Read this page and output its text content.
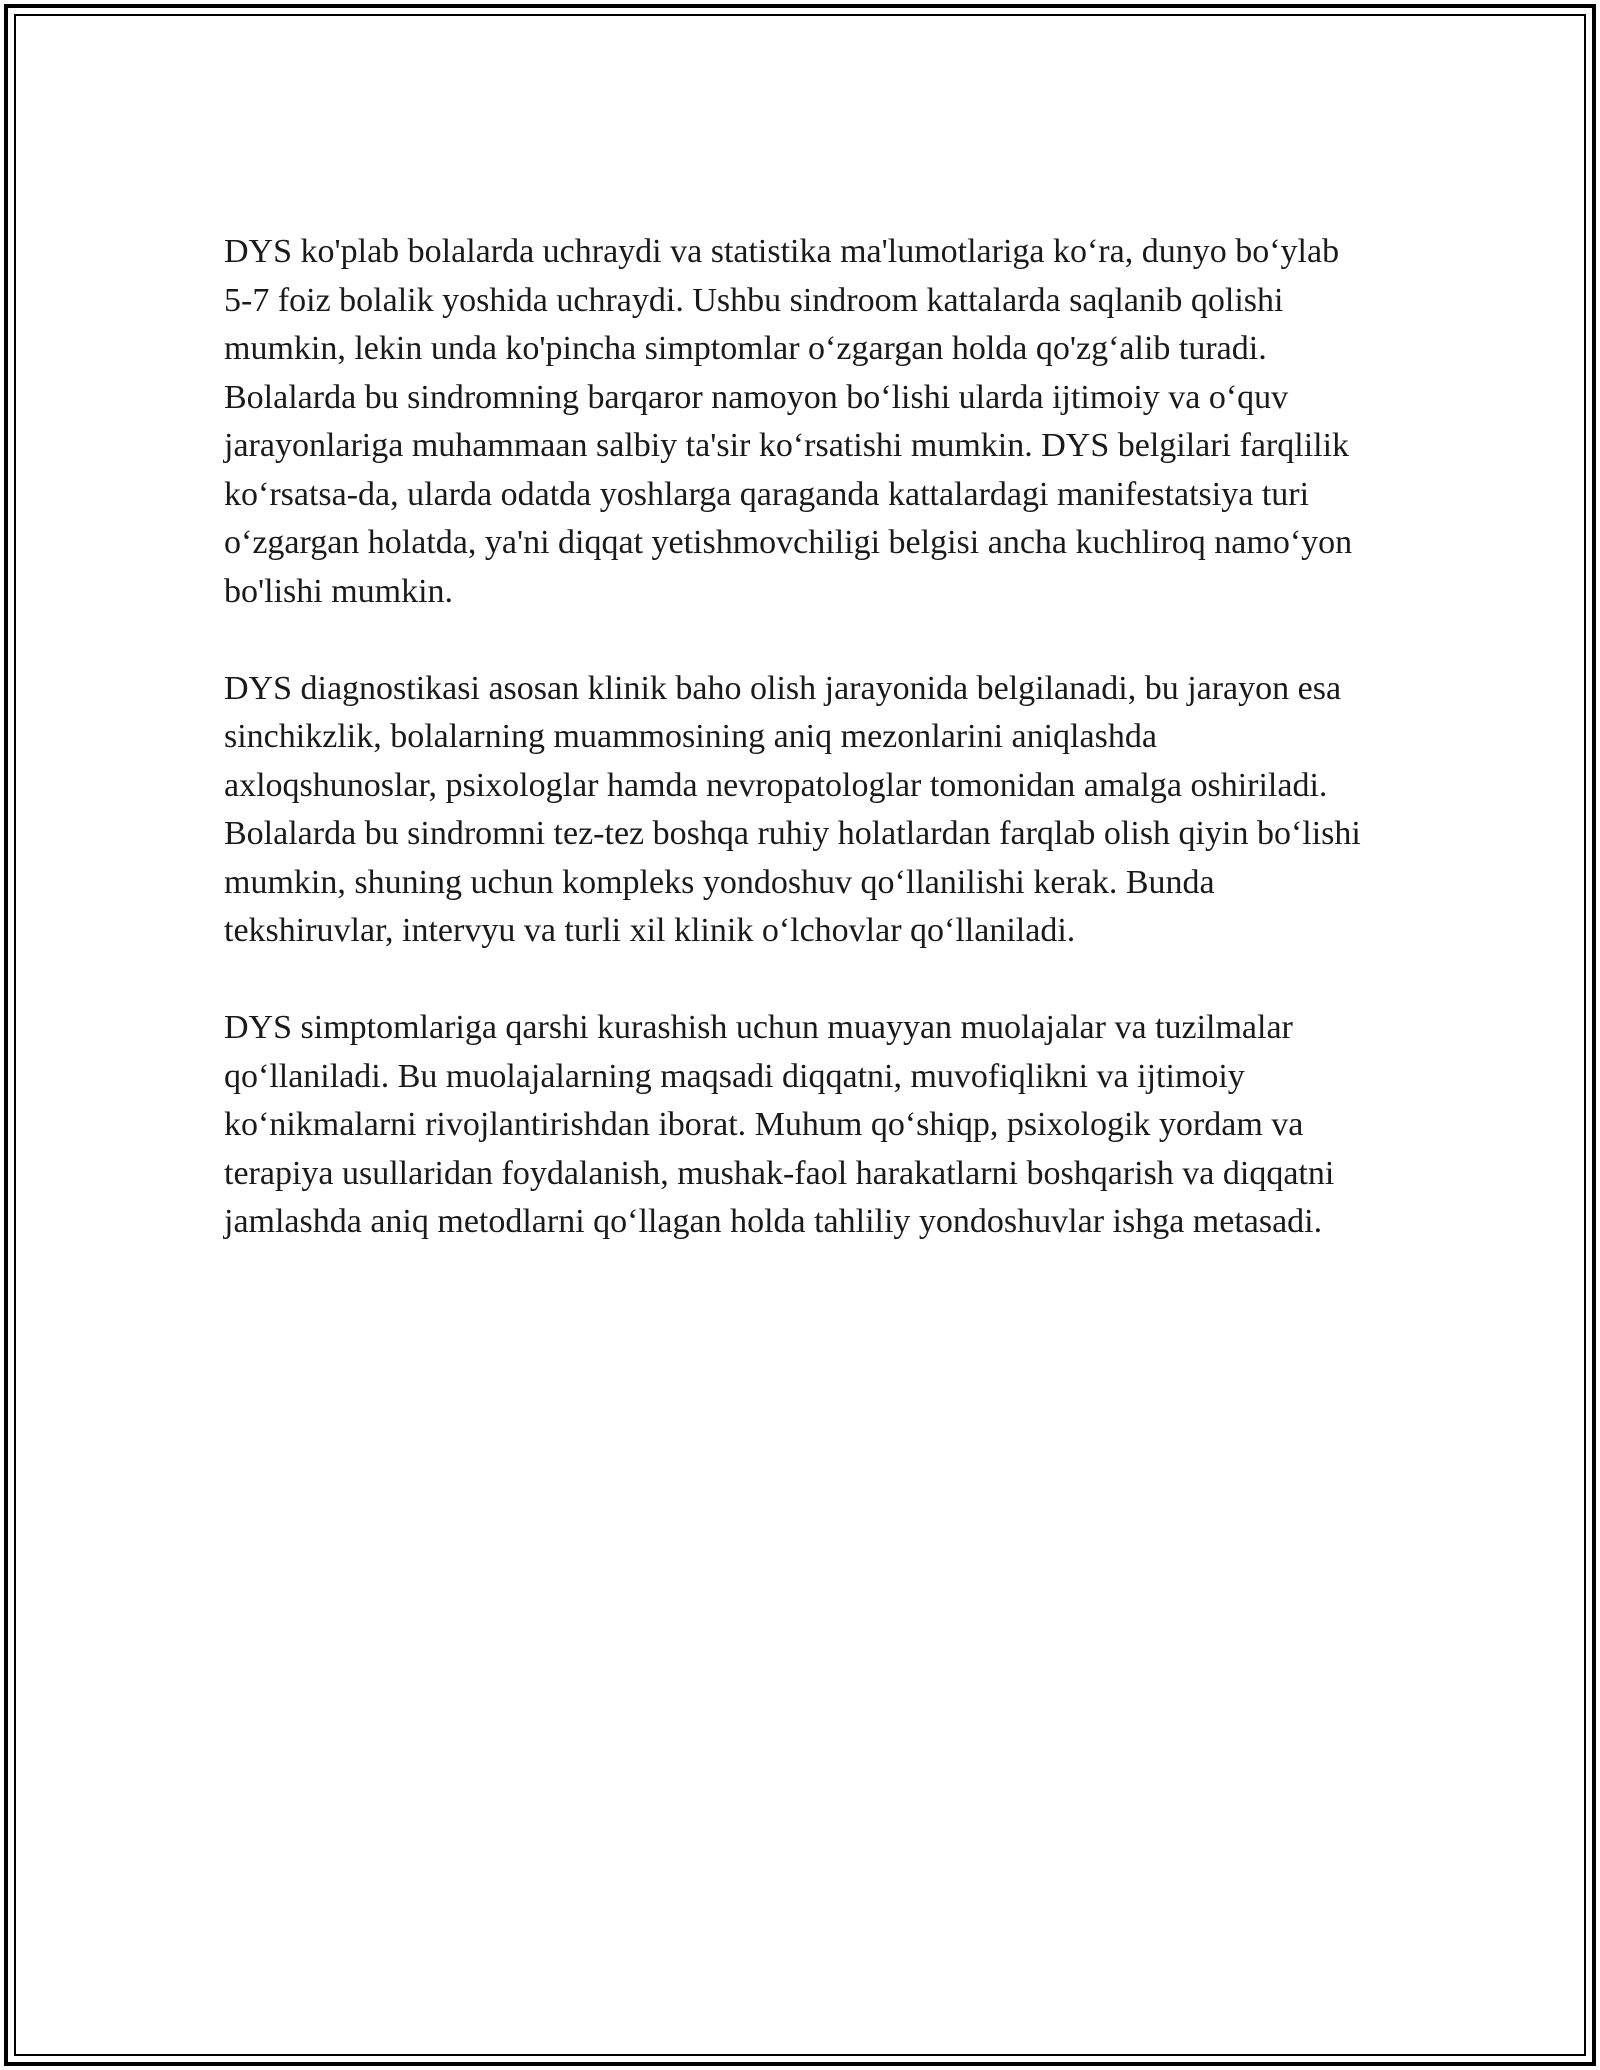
DYS ko'plab bolalarda uchraydi va statistika ma'lumotlariga ko‘ra, dunyo bo‘ylab 5-7 foiz bolalik yoshida uchraydi. Ushbu sindroom kattalarda saqlanib qolishi mumkin, lekin unda ko'pincha simptomlar o‘zgargan holda qo'zg‘alib turadi. Bolalarda bu sindromning barqaror namoyon bo‘lishi ularda ijtimoiy va o‘quv jarayonlariga muhammaan salbiy ta'sir ko‘rsatishi mumkin. DYS belgilari farqlilik ko‘rsatsa-da, ularda odatda yoshlarga qaraganda kattalardagi manifestatsiya turi o‘zgargan holatda, ya'ni diqqat yetishmovchiligi belgisi ancha kuchliroq namo‘yon bo'lishi mumkin.

DYS diagnostikasi asosan klinik baho olish jarayonida belgilanadi, bu jarayon esa sinchikzlik, bolalarning muammosining aniq mezonlarini aniqlashda axloqshunoslar, psixologlar hamda nevropatologlar tomonidan amalga oshiriladi. Bolalarda bu sindromni tez-tez boshqa ruhiy holatlardan farqlab olish qiyin bo‘lishi mumkin, shuning uchun kompleks yondoshuv qo‘llanilishi kerak. Bunda tekshiruvlar, intervyu va turli xil klinik o‘lchovlar qo‘llaniladi.

DYS simptomlariga qarshi kurashish uchun muayyan muolajalar va tuzilmalar qo‘llaniladi. Bu muolajalarning maqsadi diqqatni, muvofiqlikni va ijtimoiy ko‘nikmalarni rivojlantirishdan iborat. Muhum qo‘shiqp, psixologik yordam va terapiya usullaridan foydalanish, mushak-faol harakatlarni boshqarish va diqqatni jamlashda aniq metodlarni qo‘llagan holda tahliliy yondoshuvlar ishga metasadi.
